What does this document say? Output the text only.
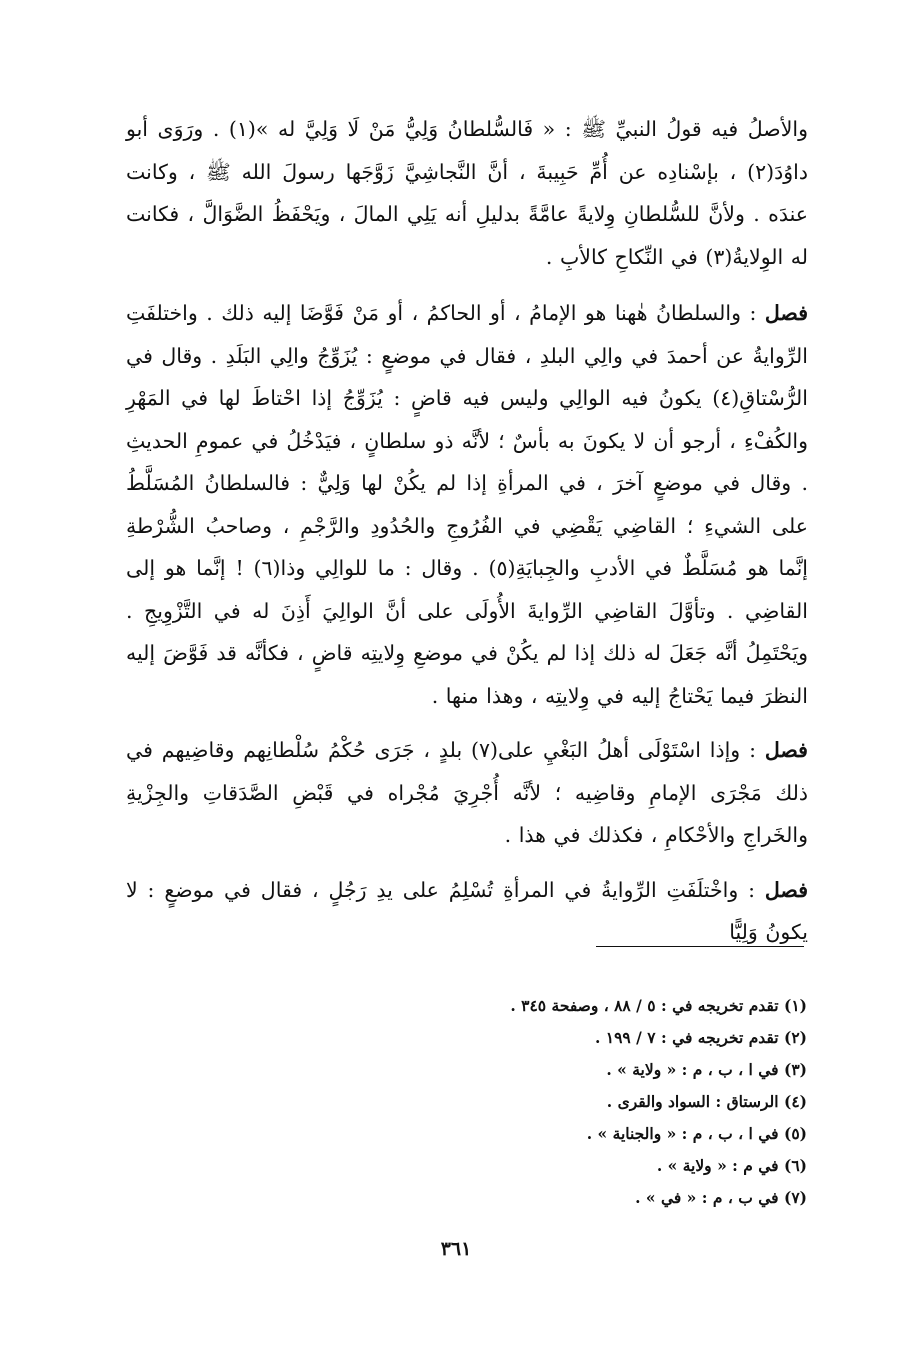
والأصلُ فيه قولُ النبيِّ ﷺ : « فَالسُّلطانُ وَلِيُّ مَنْ لَا وَلِيَّ له »(١) . ورَوَى أبو داوُدَ(٢) ، بإسْنادِه عن أُمِّ حَبِيبةَ ، أنَّ النَّجاشِيَّ زَوَّجَها رسولَ الله ﷺ ، وكانت عندَه . ولأنَّ للسُّلطانِ وِلايةً عامَّةً بدليلِ أنه يَلِي المالَ ، ويَحْفَظُ الضَّوَالَّ ، فكانت له الوِلايةُ(٣) في النِّكاحِ كالأبِ .

فصل : والسلطانُ هٰهنا هو الإمامُ ، أو الحاكمُ ، أو مَنْ فَوَّضَا إليه ذلك . واختلفَتِ الرِّوايةُ عن أحمدَ في والِي البلدِ ، فقال في موضعٍ : يُزَوِّجُ والِي البَلَدِ . وقال في الرُّسْتاقِ(٤) يكونُ فيه الوالِي وليس فيه قاضٍ : يُزَوِّجُ إذا احْتاطَ لها في المَهْرِ والكُفْءِ ، أرجو أن لا يكونَ به بأسٌ ؛ لأنَّه ذو سلطانٍ ، فيَدْخُلُ في عمومِ الحديثِ . وقال في موضعٍ آخرَ ، في المرأةِ إذا لم يكُنْ لها وَلِيٌّ : فالسلطانُ المُسَلَّطُ على الشيءِ ؛ القاضِي يَقْضِي في الفُرُوجِ والحُدُودِ والرَّجْمِ ، وصاحبُ الشُّرْطةِ إنَّما هو مُسَلَّطٌ في الأدبِ والجِبايَةِ(٥) . وقال : ما للوالِي وذا(٦) ! إنَّما هو إلى القاضِي . وتأوَّلَ القاضِي الرِّوايةَ الأُولَى على أنَّ الوالِيَ أَذِنَ له في التَّزْوِيجِ . ويَحْتَمِلُ أنَّه جَعَلَ له ذلك إذا لم يكُنْ في موضعِ وِلايتِه قاضٍ ، فكأنَّه قد فَوَّضَ إليه النظرَ فيما يَحْتاجُ إليه في وِلايتِه ، وهذا منها .

فصل : وإذا اسْتَوْلَى أهلُ البَغْيِ على(٧) بلدٍ ، جَرَى حُكْمُ سُلْطانِهم وقاضِيهم في ذلك مَجْرَى الإمامِ وقاضِيه ؛ لأنَّه أُجْرِيَ مُجْراه في قَبْضِ الصَّدَقاتِ والجِزْيةِ والخَراجِ والأحْكامِ ، فكذلك في هذا .

فصل : واخْتلَفَتِ الرِّوايةُ في المرأةِ تُسْلِمُ على يدِ رَجُلٍ ، فقال في موضعٍ : لا يكونُ وَلِيًّا

(١) تقدم تخريجه في : ٥ / ٨٨ ، وصفحة ٣٤٥ .
(٢) تقدم تخريجه في : ٧ / ١٩٩ .
(٣) في ا ، ب ، م : « ولاية » .
(٤) الرستاق : السواد والقرى .
(٥) في ا ، ب ، م : « والجناية » .
(٦) في م : « ولاية » .
(٧) في ب ، م : « في » .
٣٦١
